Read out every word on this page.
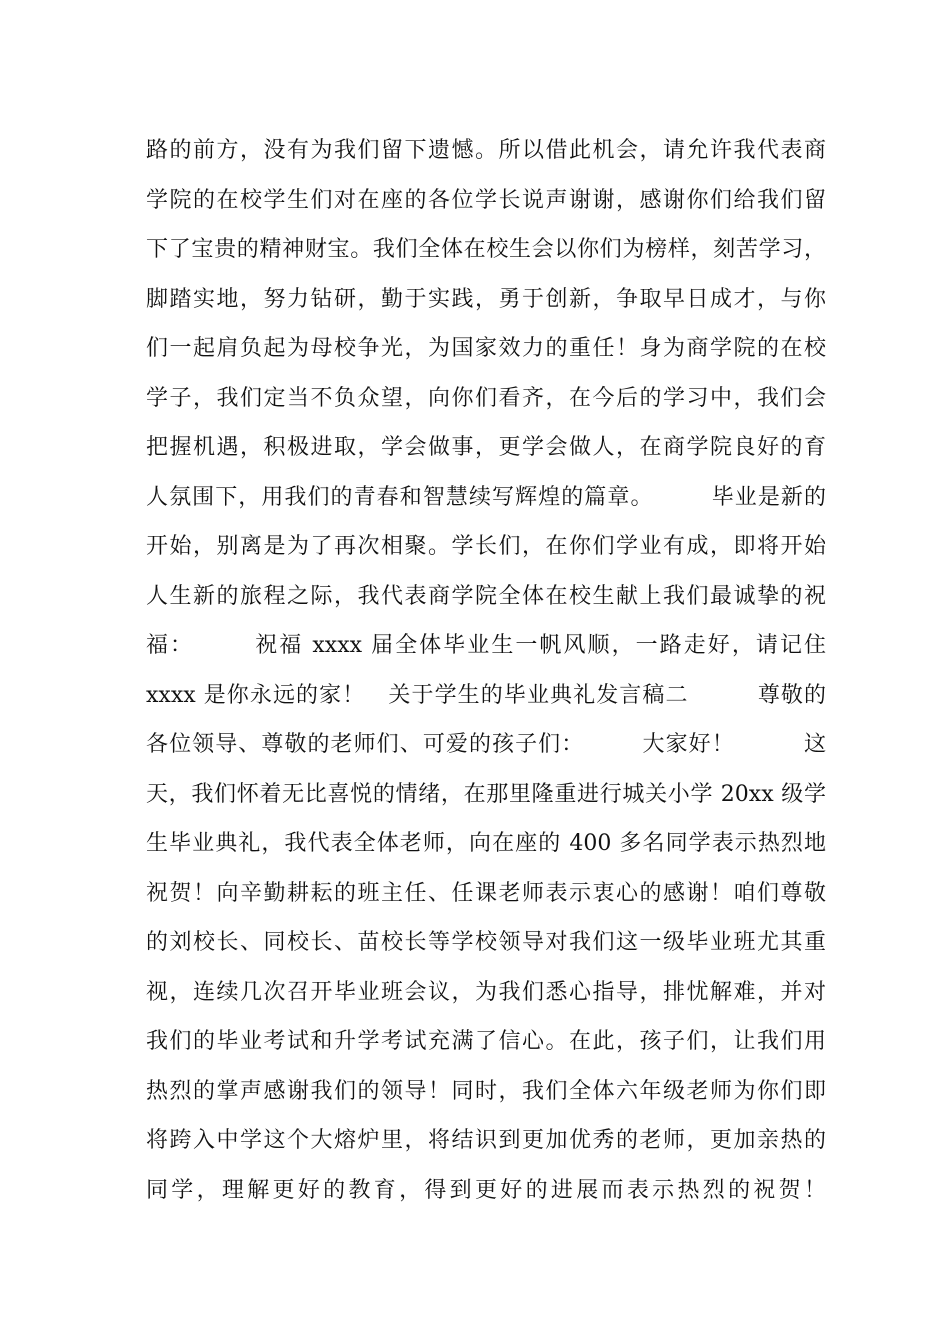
路的前方，没有为我们留下遗憾。所以借此机会，请允许我代表商
学院的在校学生们对在座的各位学长说声谢谢，感谢你们给我们留
下了宝贵的精神财宝。我们全体在校生会以你们为榜样，刻苦学习，
脚踏实地，努力钻研，勤于实践，勇于创新，争取早日成才，与你
们一起肩负起为母校争光，为国家效力的重任！身为商学院的在校
学子，我们定当不负众望，向你们看齐，在今后的学习中，我们会
把握机遇，积极进取，学会做事，更学会做人，在商学院良好的育
人氛围下，用我们的青春和智慧续写辉煌的篇章。　　　毕业是新的
开始，别离是为了再次相聚。学长们，在你们学业有成，即将开始
人生新的旅程之际，我代表商学院全体在校生献上我们最诚挚的祝
福：　　　祝福 xxxx 届全体毕业生一帆风顺，一路走好，请记住
xxxx 是你永远的家！　关于学生的毕业典礼发言稿二　　　尊敬的
各位领导、尊敬的老师们、可爱的孩子们：　　　大家好！　　　这
天，我们怀着无比喜悦的情绪，在那里隆重进行城关小学 20xx 级学
生毕业典礼，我代表全体老师，向在座的 400 多名同学表示热烈地
祝贺！向辛勤耕耘的班主任、任课老师表示衷心的感谢！咱们尊敬
的刘校长、同校长、苗校长等学校领导对我们这一级毕业班尤其重
视，连续几次召开毕业班会议，为我们悉心指导，排忧解难，并对
我们的毕业考试和升学考试充满了信心。在此，孩子们，让我们用
热烈的掌声感谢我们的领导！同时，我们全体六年级老师为你们即
将跨入中学这个大熔炉里，将结识到更加优秀的老师，更加亲热的
同学，理解更好的教育，得到更好的进展而表示热烈的祝贺！
